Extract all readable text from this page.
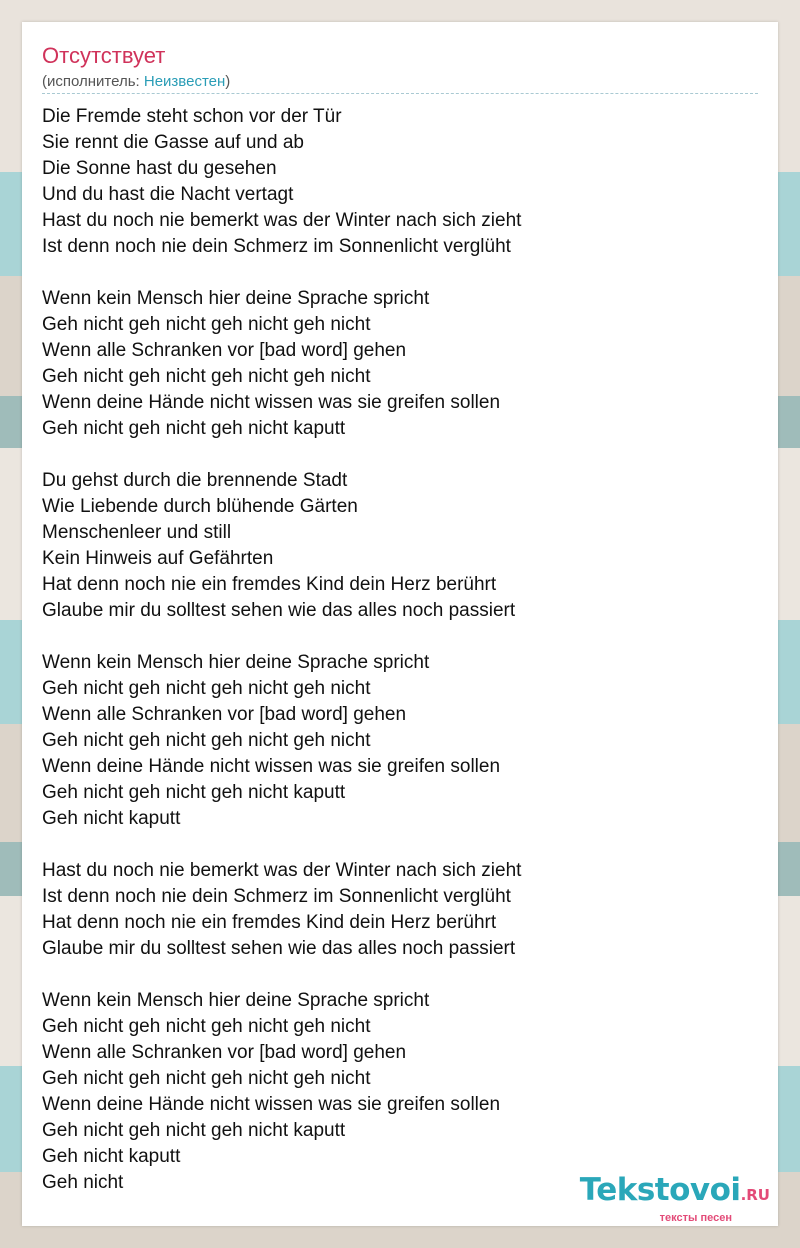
Отсутствует
(исполнитель: Неизвестен)
Die Fremde steht schon vor der Tür
Sie rennt die Gasse auf und ab
Die Sonne hast du gesehen
Und du hast die Nacht vertagt
Hast du noch nie bemerkt was der Winter nach sich zieht
Ist denn noch nie dein Schmerz im Sonnenlicht verglüht
Wenn kein Mensch hier deine Sprache spricht
Geh nicht geh nicht geh nicht geh nicht
Wenn alle Schranken vor [bad word] gehen
Geh nicht geh nicht geh nicht geh nicht
Wenn deine Hände nicht wissen was sie greifen sollen
Geh nicht geh nicht geh nicht kaputt
Du gehst durch die brennende Stadt
Wie Liebende durch blühende Gärten
Menschenleer und still
Kein Hinweis auf Gefährten
Hat denn noch nie ein fremdes Kind dein Herz berührt
Glaube mir du solltest sehen wie das alles noch passiert
Wenn kein Mensch hier deine Sprache spricht
Geh nicht geh nicht geh nicht geh nicht
Wenn alle Schranken vor [bad word] gehen
Geh nicht geh nicht geh nicht geh nicht
Wenn deine Hände nicht wissen was sie greifen sollen
Geh nicht geh nicht geh nicht kaputt
Geh nicht kaputt
Hast du noch nie bemerkt was der Winter nach sich zieht
Ist denn noch nie dein Schmerz im Sonnenlicht verglüht
Hat denn noch nie ein fremdes Kind dein Herz berührt
Glaube mir du solltest sehen wie das alles noch passiert
Wenn kein Mensch hier deine Sprache spricht
Geh nicht geh nicht geh nicht geh nicht
Wenn alle Schranken vor [bad word] gehen
Geh nicht geh nicht geh nicht geh nicht
Wenn deine Hände nicht wissen was sie greifen sollen
Geh nicht geh nicht geh nicht kaputt
Geh nicht kaputt
Geh nicht	Tekstovoi.RU
тексты песен
